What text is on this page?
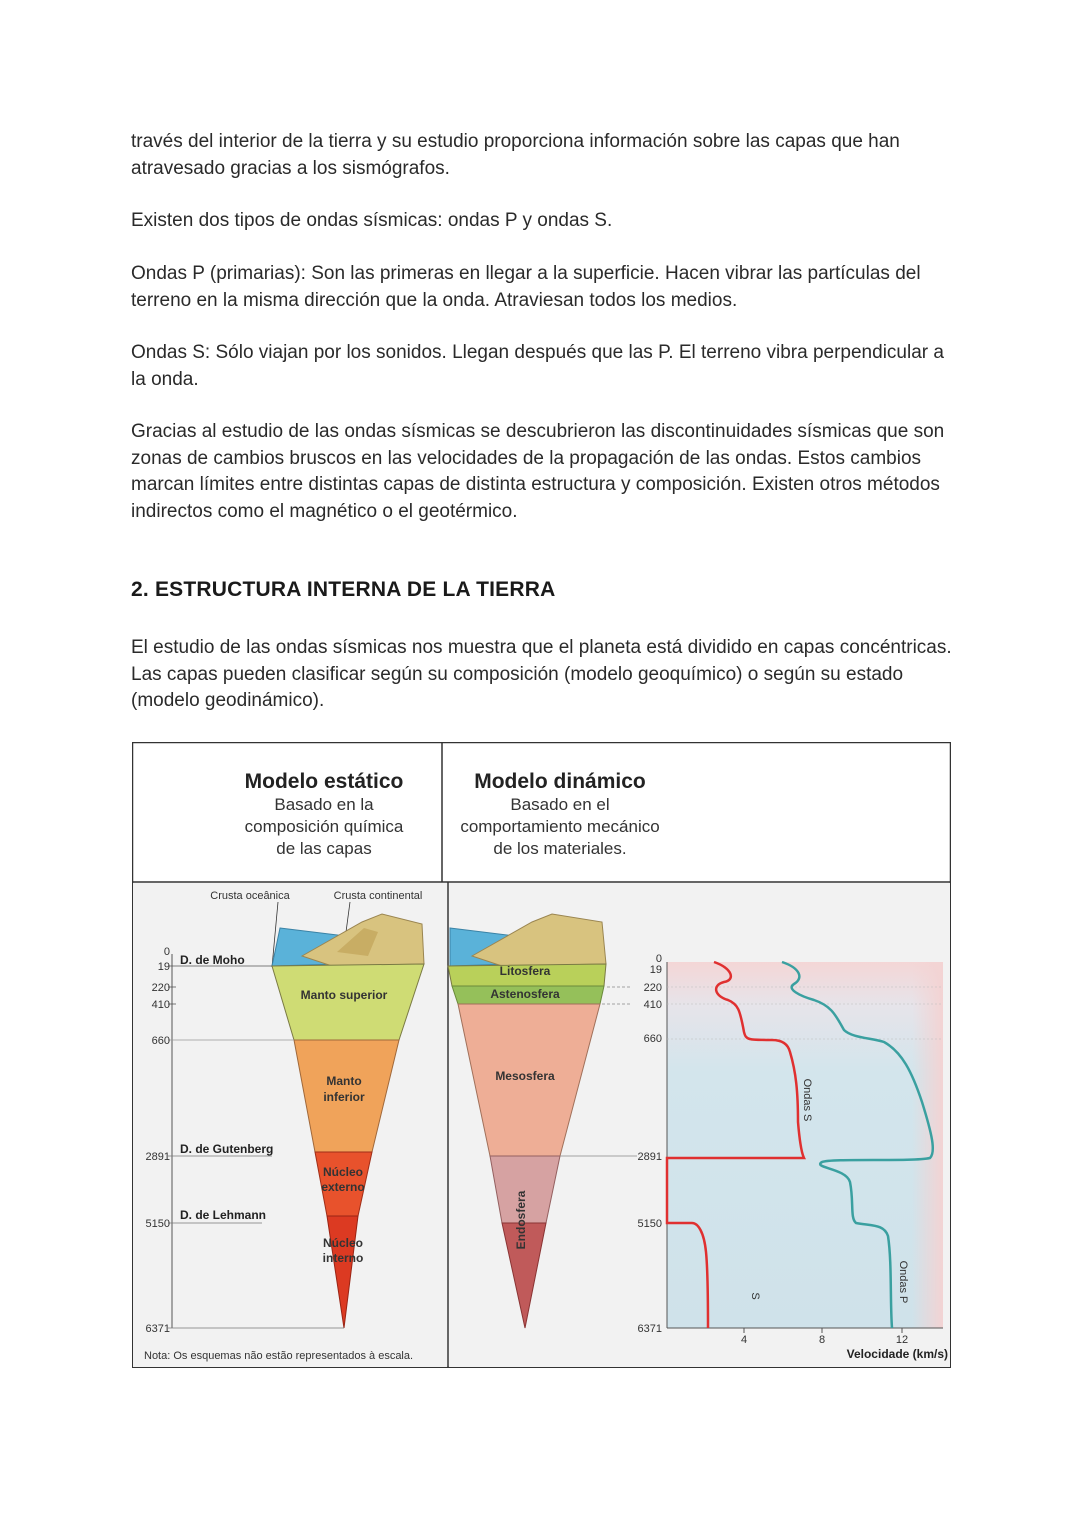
través del interior de la tierra y su estudio proporciona información sobre las capas que han atravesado gracias a los sismógrafos.

Existen dos tipos de ondas sísmicas: ondas P y ondas S.

Ondas P (primarias): Son las primeras en llegar a la superficie. Hacen vibrar las partículas del terreno en la misma dirección que la onda. Atraviesan todos los medios.

Ondas S: Sólo viajan por los sonidos. Llegan después que las P. El terreno vibra perpendicular a la onda.

Gracias al estudio de las ondas sísmicas se descubrieron las discontinuidades sísmicas que son zonas de cambios bruscos en las velocidades de la propagación de las ondas. Estos cambios marcan límites entre distintas capas de distinta estructura y composición. Existen otros métodos indirectos como el magnético o el geotérmico.

2. ESTRUCTURA INTERNA DE LA TIERRA

El estudio de las ondas sísmicas nos muestra que el planeta está dividido en capas concéntricas. Las capas pueden clasificar según su composición (modelo geoquímico) o según su estado (modelo geodinámico).

Modelo estático
Basado en la
composición química
de las capas
Modelo dinámico
Basado en el
comportamiento mecánico
de los materiales.
Crusta oceânica	Crusta continental
Manto superior
Manto
inferior
Núcleo
externo
Núcleo
interno
0
19
220
410
660
2891
5150
6371
D. de Moho
D. de Gutenberg
D. de Lehmann
Nota: Os esquemas não estão representados à escala.
Litosfera
Astenosfera
Mesosfera
Endosfera
0
19
220
410
660
2891
5150
6371
4	8	12
Velocidade (km/s)
Ondas S
S	Ondas P
